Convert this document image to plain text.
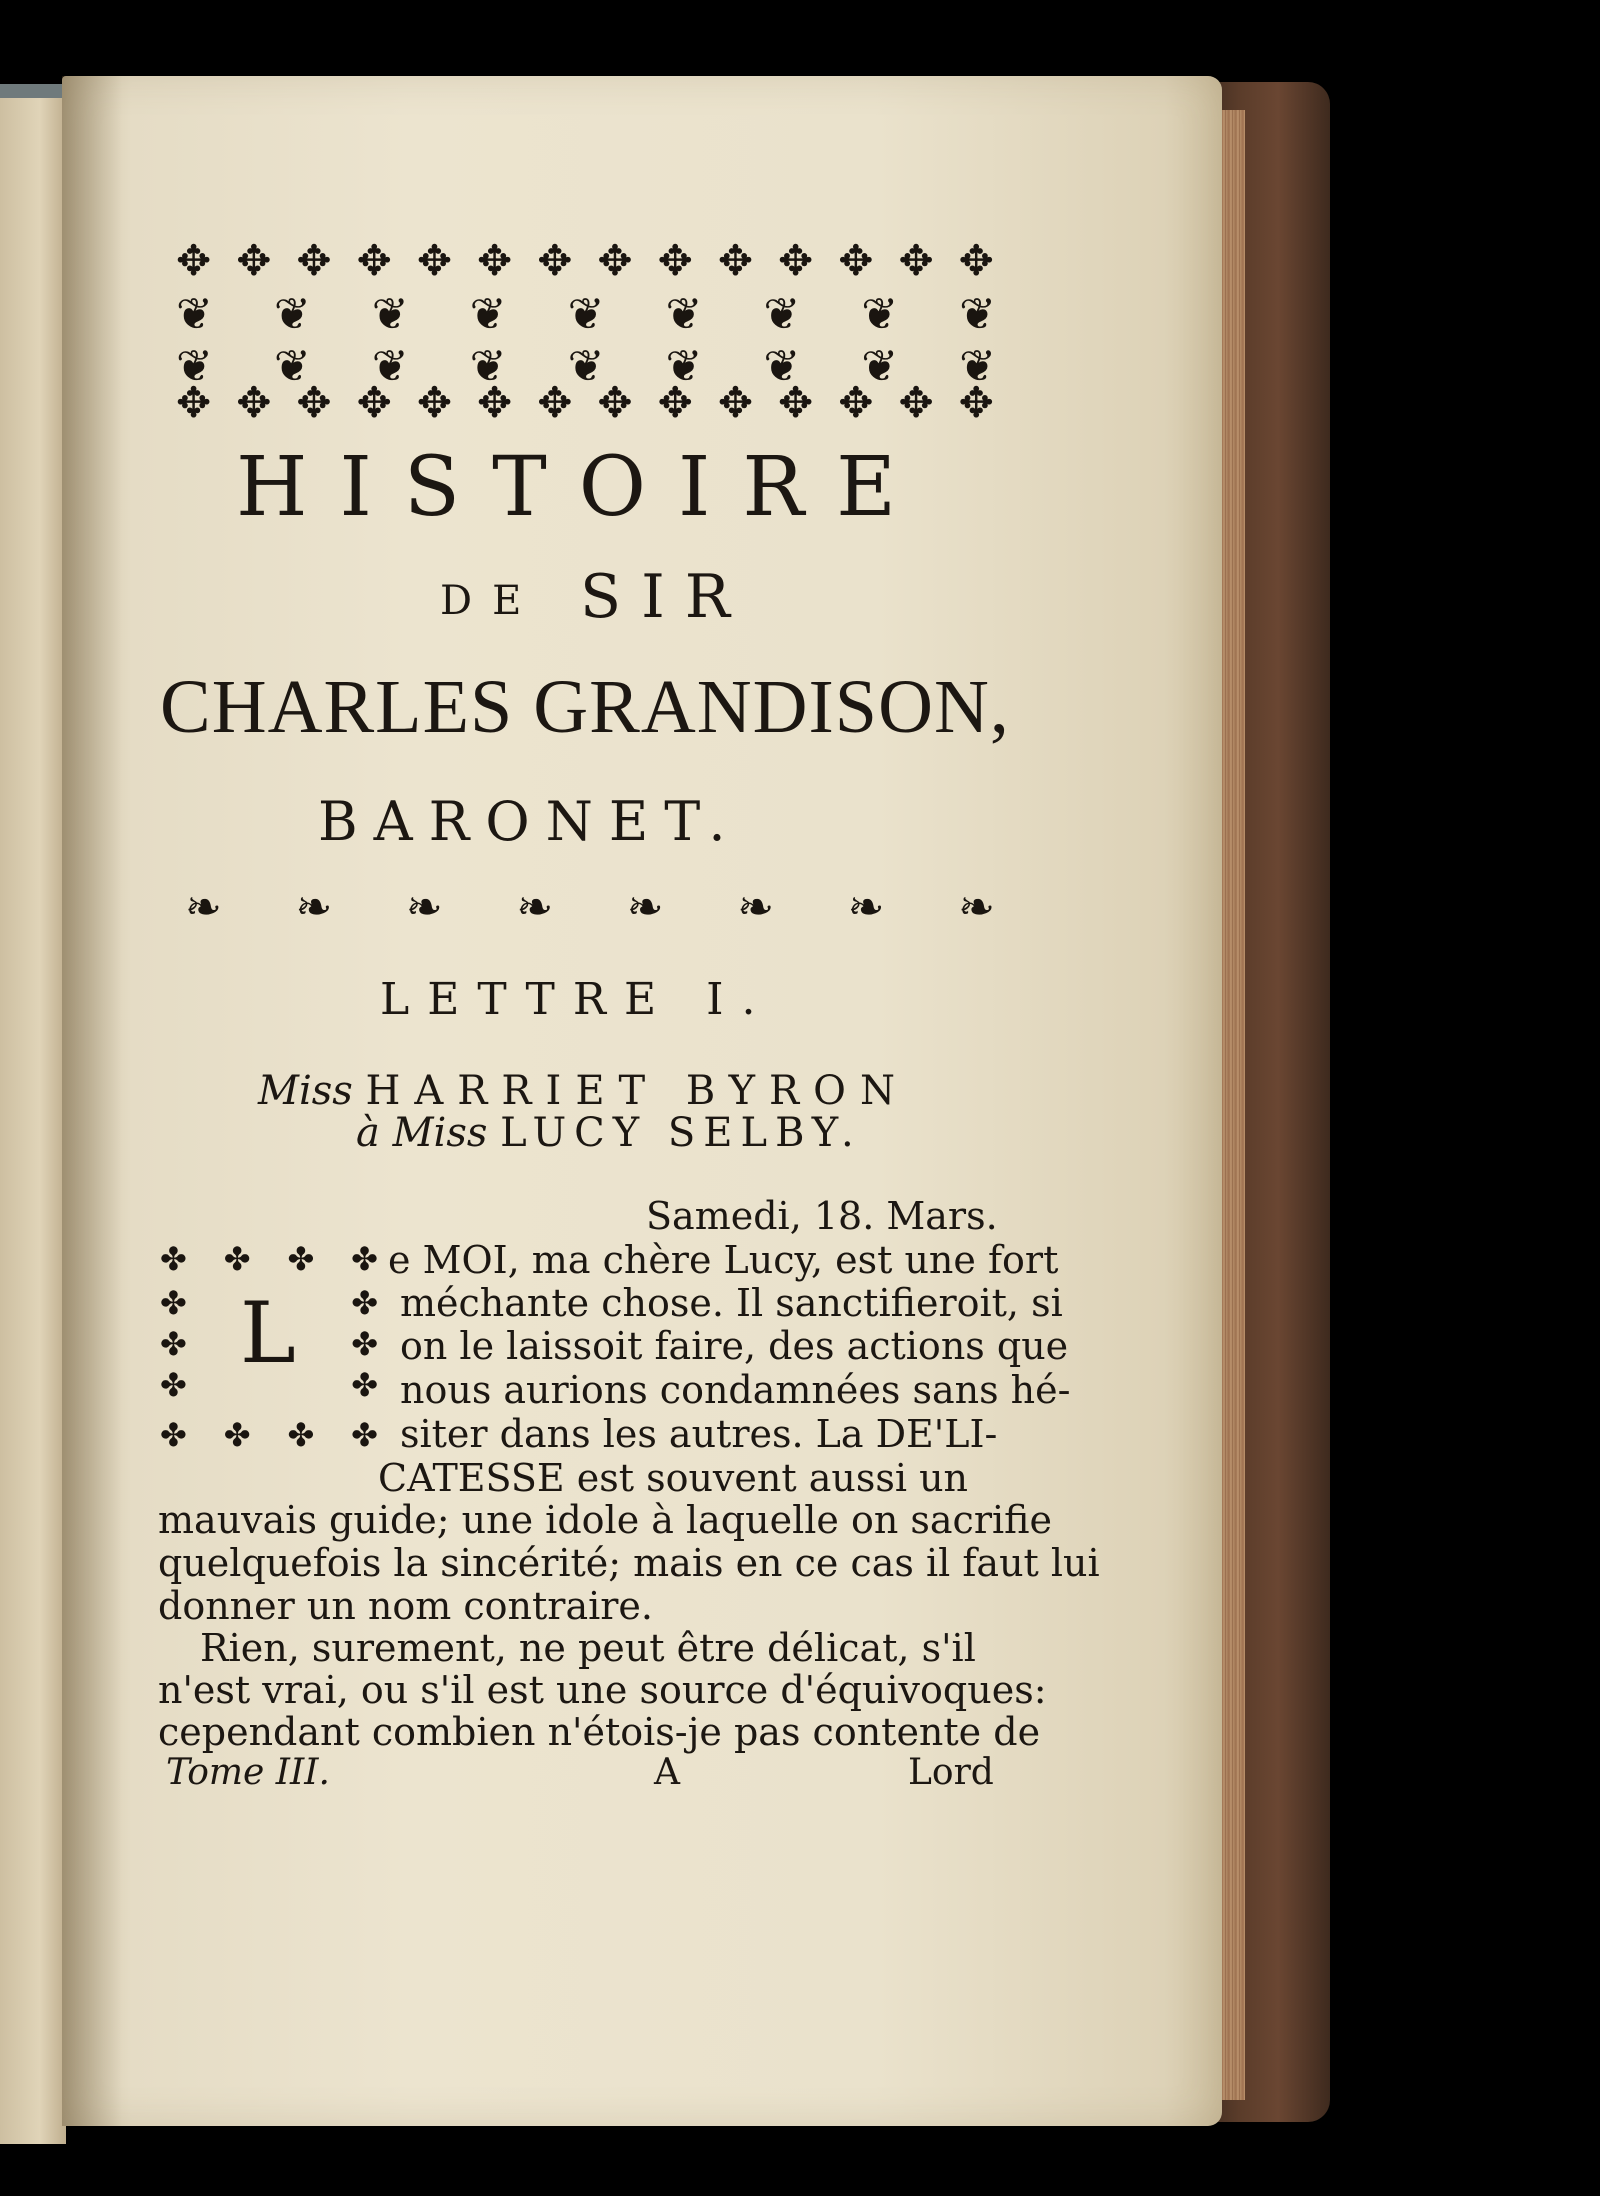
✥ ✥ ✥ ✥ ✥ ✥ ✥ ✥ ✥ ✥ ✥ ✥ ✥ ✥
❦ ❦ ❦ ❦ ❦ ❦ ❦ ❦ ❦
❦ ❦ ❦ ❦ ❦ ❦ ❦ ❦ ❦
✥ ✥ ✥ ✥ ✥ ✥ ✥ ✥ ✥ ✥ ✥ ✥ ✥ ✥
HISTOIRE
DE SIR
CHARLES GRANDISON,
BARONET.
❧ ❧ ❧ ❧ ❧ ❧ ❧ ❧
LETTRE I.
Miss HARRIET BYRON
à Miss LUCY SELBY.
Samedi, 18. Mars.
✤ ✤ ✤ ✤
✤
✤
✤
✤
✤
✤
✤ ✤ ✤ ✤
L
e MOI, ma chère Lucy, est une fort
méchante chose. Il sanctifieroit, si
on le laissoit faire, des actions que
nous aurions condamnées sans hé-
siter dans les autres. La DE'LI-
CATESSE est souvent aussi un
mauvais guide; une idole à laquelle on sacrifie
quelquefois la sincérité; mais en ce cas il faut lui
donner un nom contraire.
Rien, surement, ne peut être délicat, s'il
n'est vrai, ou s'il est une source d'équivoques:
cependant combien n'étois-je pas contente de
Tome III.	A	Lord
